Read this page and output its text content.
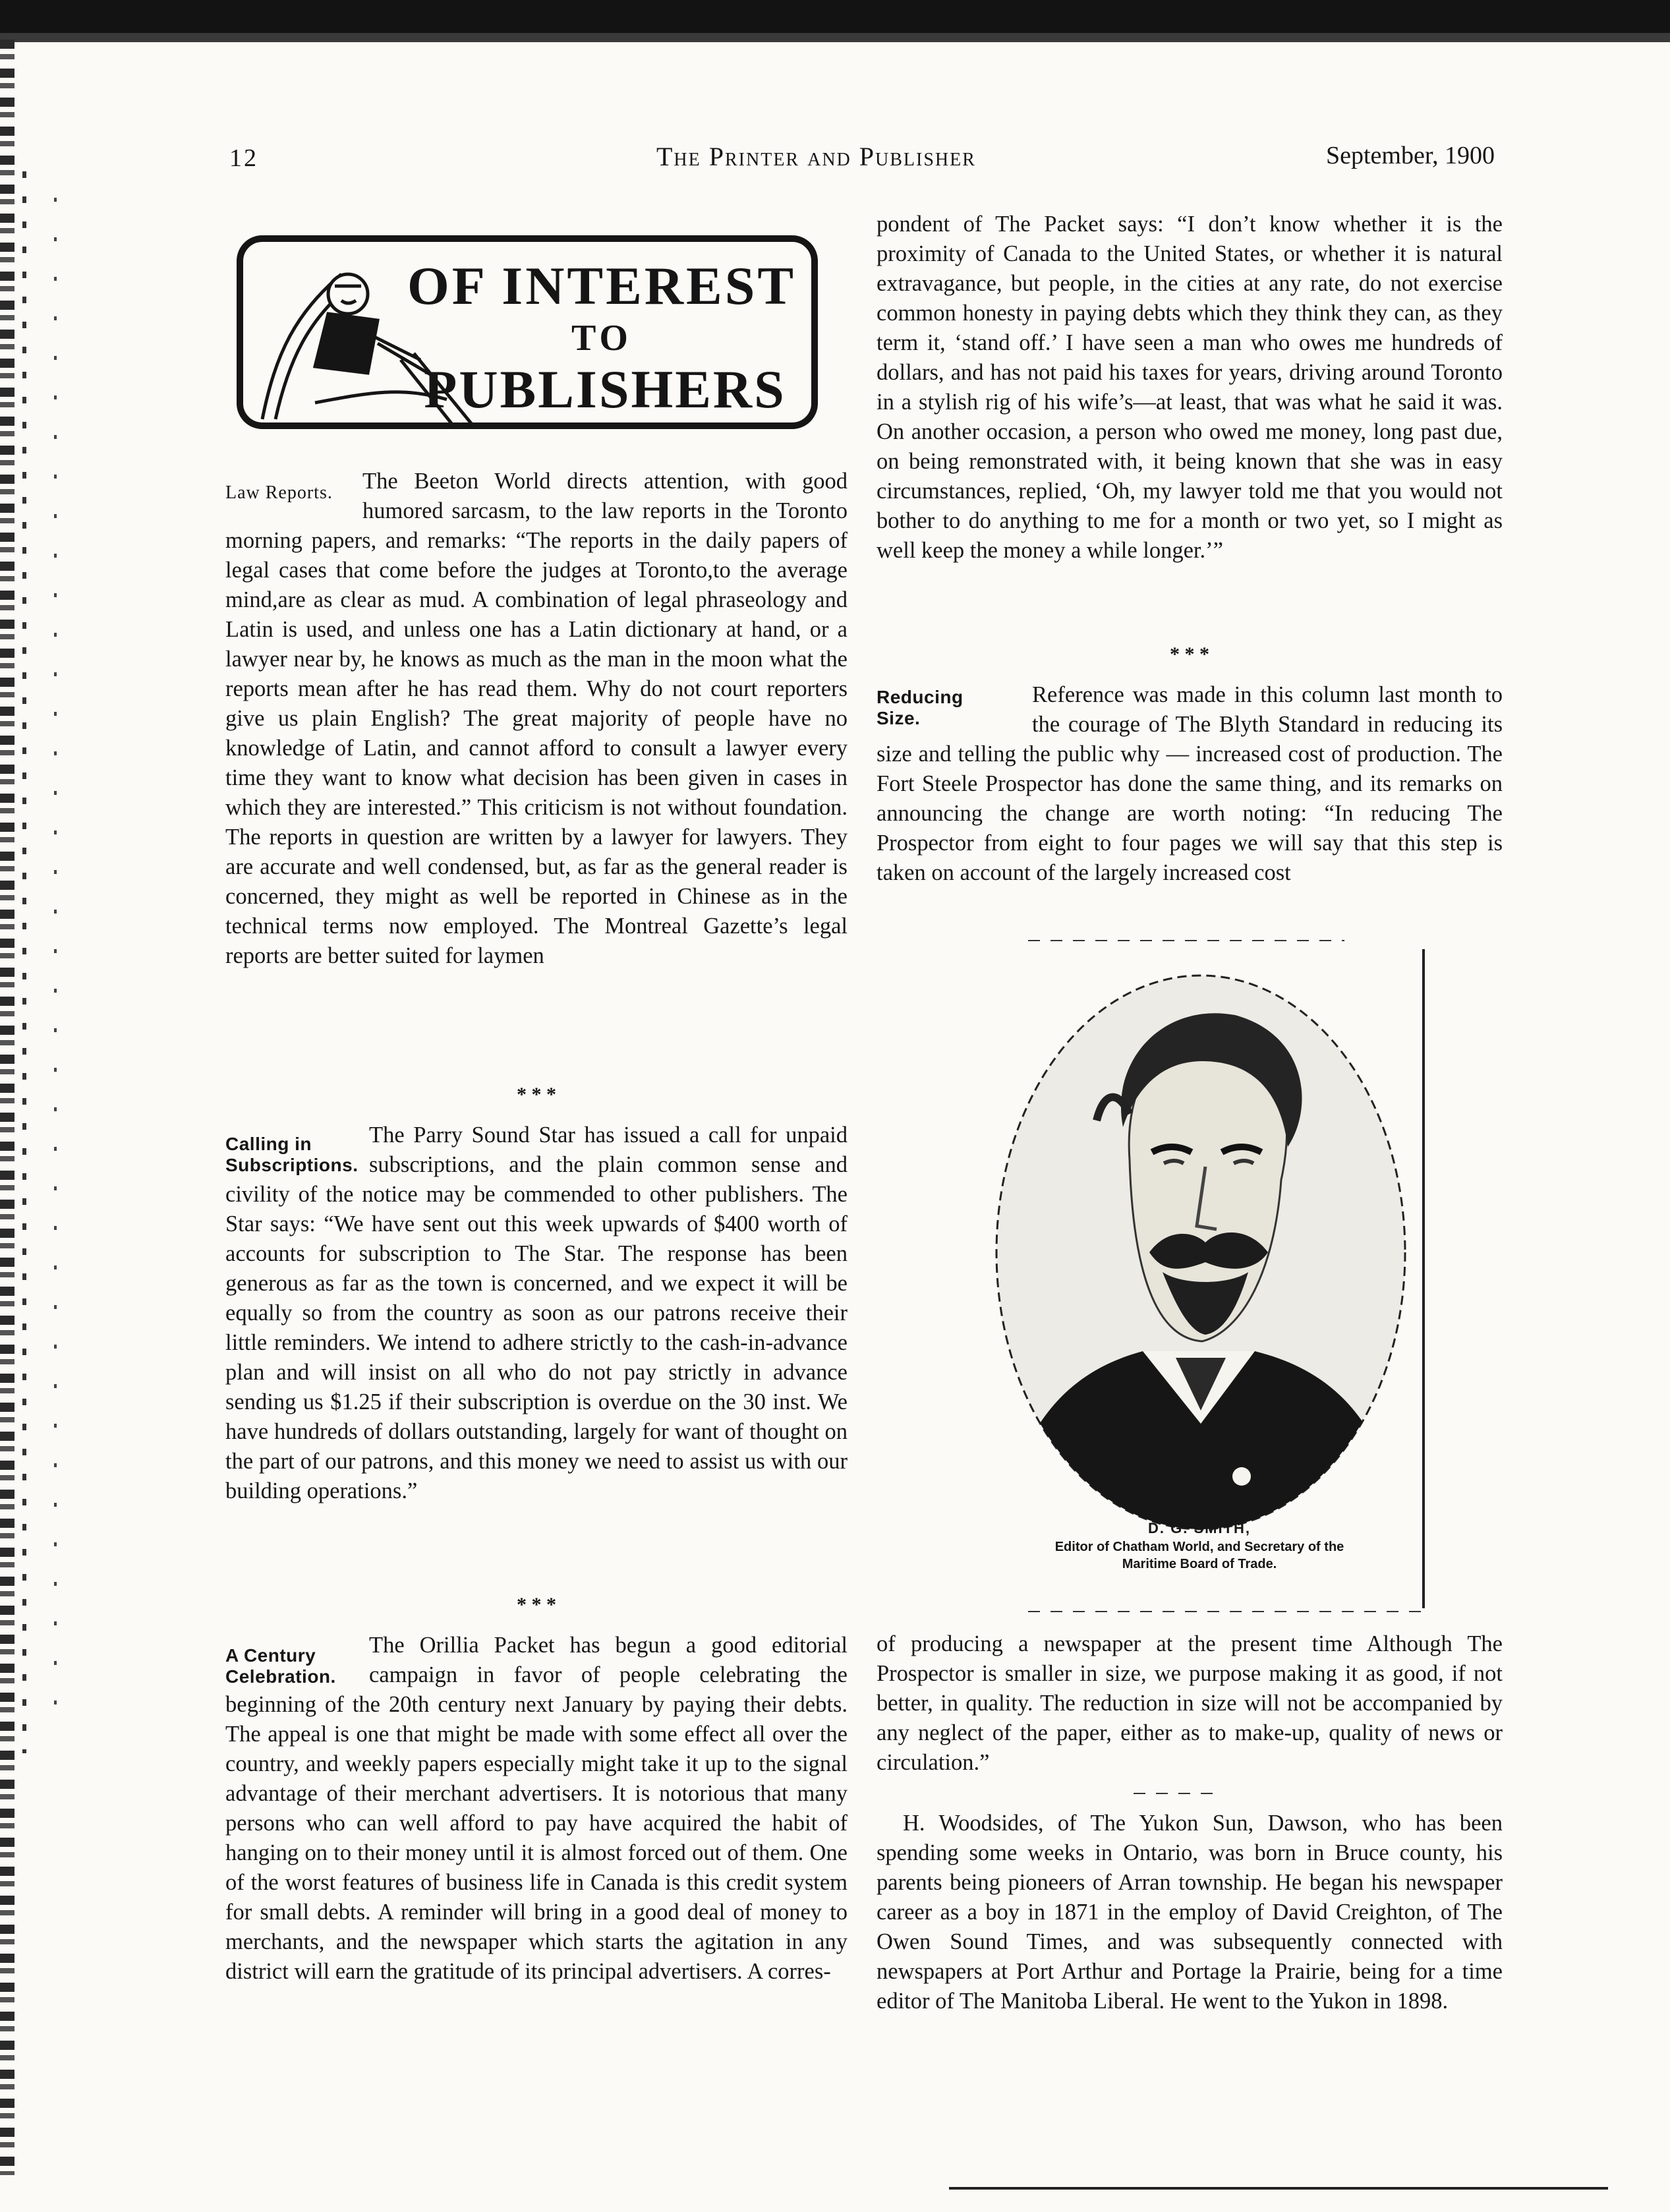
12	The Printer and Publisher	September, 1900
OF INTEREST
TO
PUBLISHERS
Law Reports.	The Beeton World directs attention, with good humored sarcasm, to the law reports in the Toronto morning papers, and remarks: “The reports in the daily papers of legal cases that come before the judges at Toronto,to the average mind,are as clear as mud. A combination of legal phraseology and Latin is used, and unless one has a Latin dictionary at hand, or a lawyer near by, he knows as much as the man in the moon what the reports mean after he has read them. Why do not court reporters give us plain English? The great majority of people have no knowledge of Latin, and cannot afford to consult a lawyer every time they want to know what decision has been given in cases in which they are interested.” This criticism is not without foundation. The reports in question are written by a lawyer for lawyers. They are accurate and well condensed, but, as far as the general reader is concerned, they might as well be reported in Chinese as in the technical terms now employed. The Montreal Gazette’s legal reports are better suited for laymen

* * *
Calling in
Subscriptions.

The Parry Sound Star has issued a call for unpaid subscriptions, and the plain common sense and civility of the notice may be commended to other publishers. The Star says: “We have sent out this week upwards of $400 worth of accounts for subscription to The Star. The response has been generous as far as the town is concerned, and we expect it will be equally so from the country as soon as our patrons receive their little reminders. We intend to adhere strictly to the cash-in-advance plan and will insist on all who do not pay strictly in advance sending us $1.25 if their subscription is overdue on the 30 inst. We have hundreds of dollars outstanding, largely for want of thought on the part of our patrons, and this money we need to assist us with our building operations.”

* * *
A Century
Celebration.

The Orillia Packet has begun a good editorial campaign in favor of people celebrating the beginning of the 20th century next January by paying their debts. The appeal is one that might be made with some effect all over the country, and weekly papers especially might take it up to the signal advantage of their merchant advertisers. It is notorious that many persons who can well afford to pay have acquired the habit of hanging on to their money until it is almost forced out of them. One of the worst features of business life in Canada is this credit system for small debts. A reminder will bring in a good deal of money to merchants, and the newspaper which starts the agitation in any district will earn the gratitude of its principal advertisers. A corres-

pondent of The Packet says: “I don’t know whether it is the proximity of Canada to the United States, or whether it is natural extravagance, but people, in the cities at any rate, do not exercise common honesty in paying debts which they think they can, as they term it, ‘stand off.’ I have seen a man who owes me hundreds of dollars, and has not paid his taxes for years, driving around Toronto in a stylish rig of his wife’s—at least, that was what he said it was. On another occasion, a person who owed me money, long past due, on being remonstrated with, it being known that she was in easy circumstances, replied, ‘Oh, my lawyer told me that you would not bother to do anything to me for a month or two yet, so I might as well keep the money a while longer.’”

* * *
Reducing
Size.

Reference was made in this column last month to the courage of The Blyth Standard in reducing its size and telling the public why — increased cost of production. The Fort Steele Prospector has done the same thing, and its remarks on announcing the change are worth noting: “In reducing The Prospector from eight to four pages we will say that this step is taken on account of the largely increased cost

of producing a newspaper at the present time Although The Prospector is smaller in size, we purpose making it as good, if not better, in quality. The reduction in size will not be accompanied by any neglect of the paper, either as to make-up, quality of news or circulation.”

H. Woodsides, of The Yukon Sun, Dawson, who has been spending some weeks in Ontario, was born in Bruce county, his parents being pioneers of Arran township. He began his newspaper career as a boy in 1871 in the employ of David Creighton, of The Owen Sound Times, and was subsequently connected with newspapers at Port Arthur and Portage la Prairie, being for a time editor of The Manitoba Liberal. He went to the Yukon in 1898.

D. G. SMITH,
Editor of Chatham World, and Secretary of the
Maritime Board of Trade.
